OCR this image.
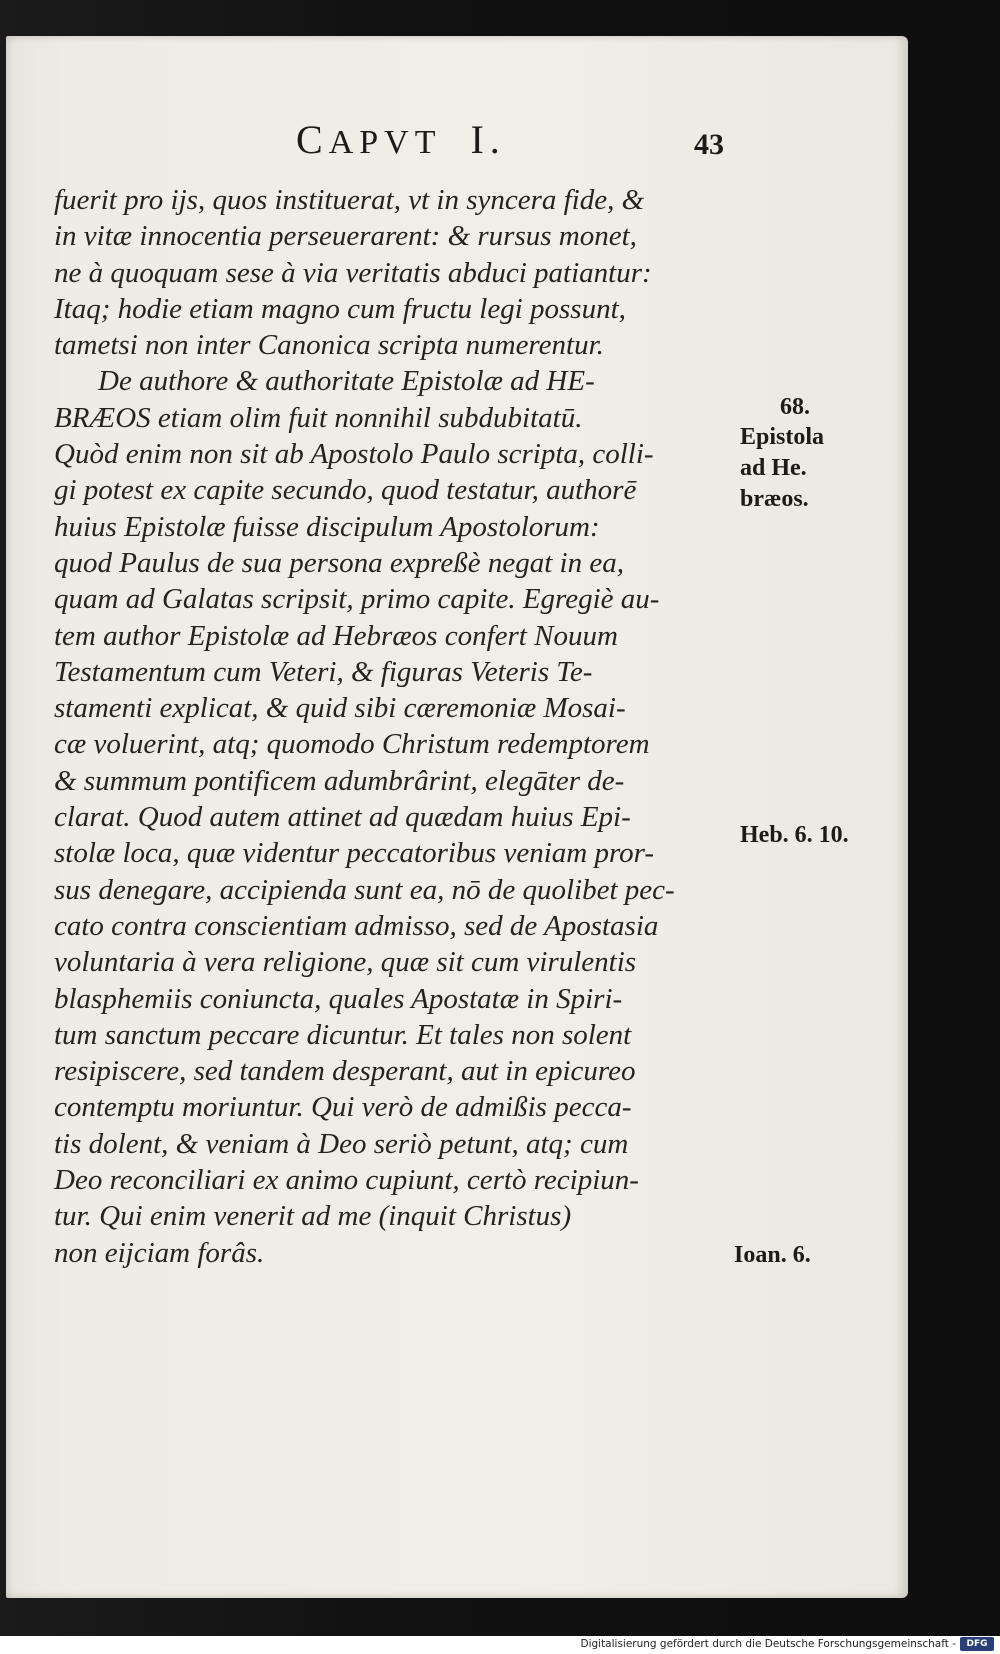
CAPVT I.	43
fuerit pro ijs, quos instituerat, vt in syncera fide, &
in vitæ innocentia perseuerarent: & rursus monet,
ne à quoquam sese à via veritatis abduci patiantur:
Itaq; hodie etiam magno cum fructu legi possunt,
tametsi non inter Canonica scripta numerentur.
De authore & authoritate Epistolæ ad HE-
BRÆOS etiam olim fuit nonnihil subdubitatū.
Quòd enim non sit ab Apostolo Paulo scripta, colli-
gi potest ex capite secundo, quod testatur, authorē
huius Epistolæ fuisse discipulum Apostolorum:
quod Paulus de sua persona expreßè negat in ea,
quam ad Galatas scripsit, primo capite. Egregiè au-
tem author Epistolæ ad Hebræos confert Nouum
Testamentum cum Veteri, & figuras Veteris Te-
stamenti explicat, & quid sibi cæremoniæ Mosai-
cæ voluerint, atq; quomodo Christum redemptorem
& summum pontificem adumbrârint, elegāter de-
clarat. Quod autem attinet ad quædam huius Epi-
stolæ loca, quæ videntur peccatoribus veniam pror-
sus denegare, accipienda sunt ea, nō de quolibet pec-
cato contra conscientiam admisso, sed de Apostasia
voluntaria à vera religione, quæ sit cum virulentis
blasphemiis coniuncta, quales Apostatæ in Spiri-
tum sanctum peccare dicuntur. Et tales non solent
resipiscere, sed tandem desperant, aut in epicureo
contemptu moriuntur. Qui verò de admißis pecca-
tis dolent, & veniam à Deo seriò petunt, atq; cum
Deo reconciliari ex animo cupiunt, certò recipiun-
tur. Qui enim venerit ad me (inquit Christus)
non eijciam forâs.
68.
Epistola
ad He.
bræos.
Heb. 6. 10.
Ioan. 6.
Digitalisierung gefördert durch die Deutsche Forschungsgemeinschaft -	DFG
